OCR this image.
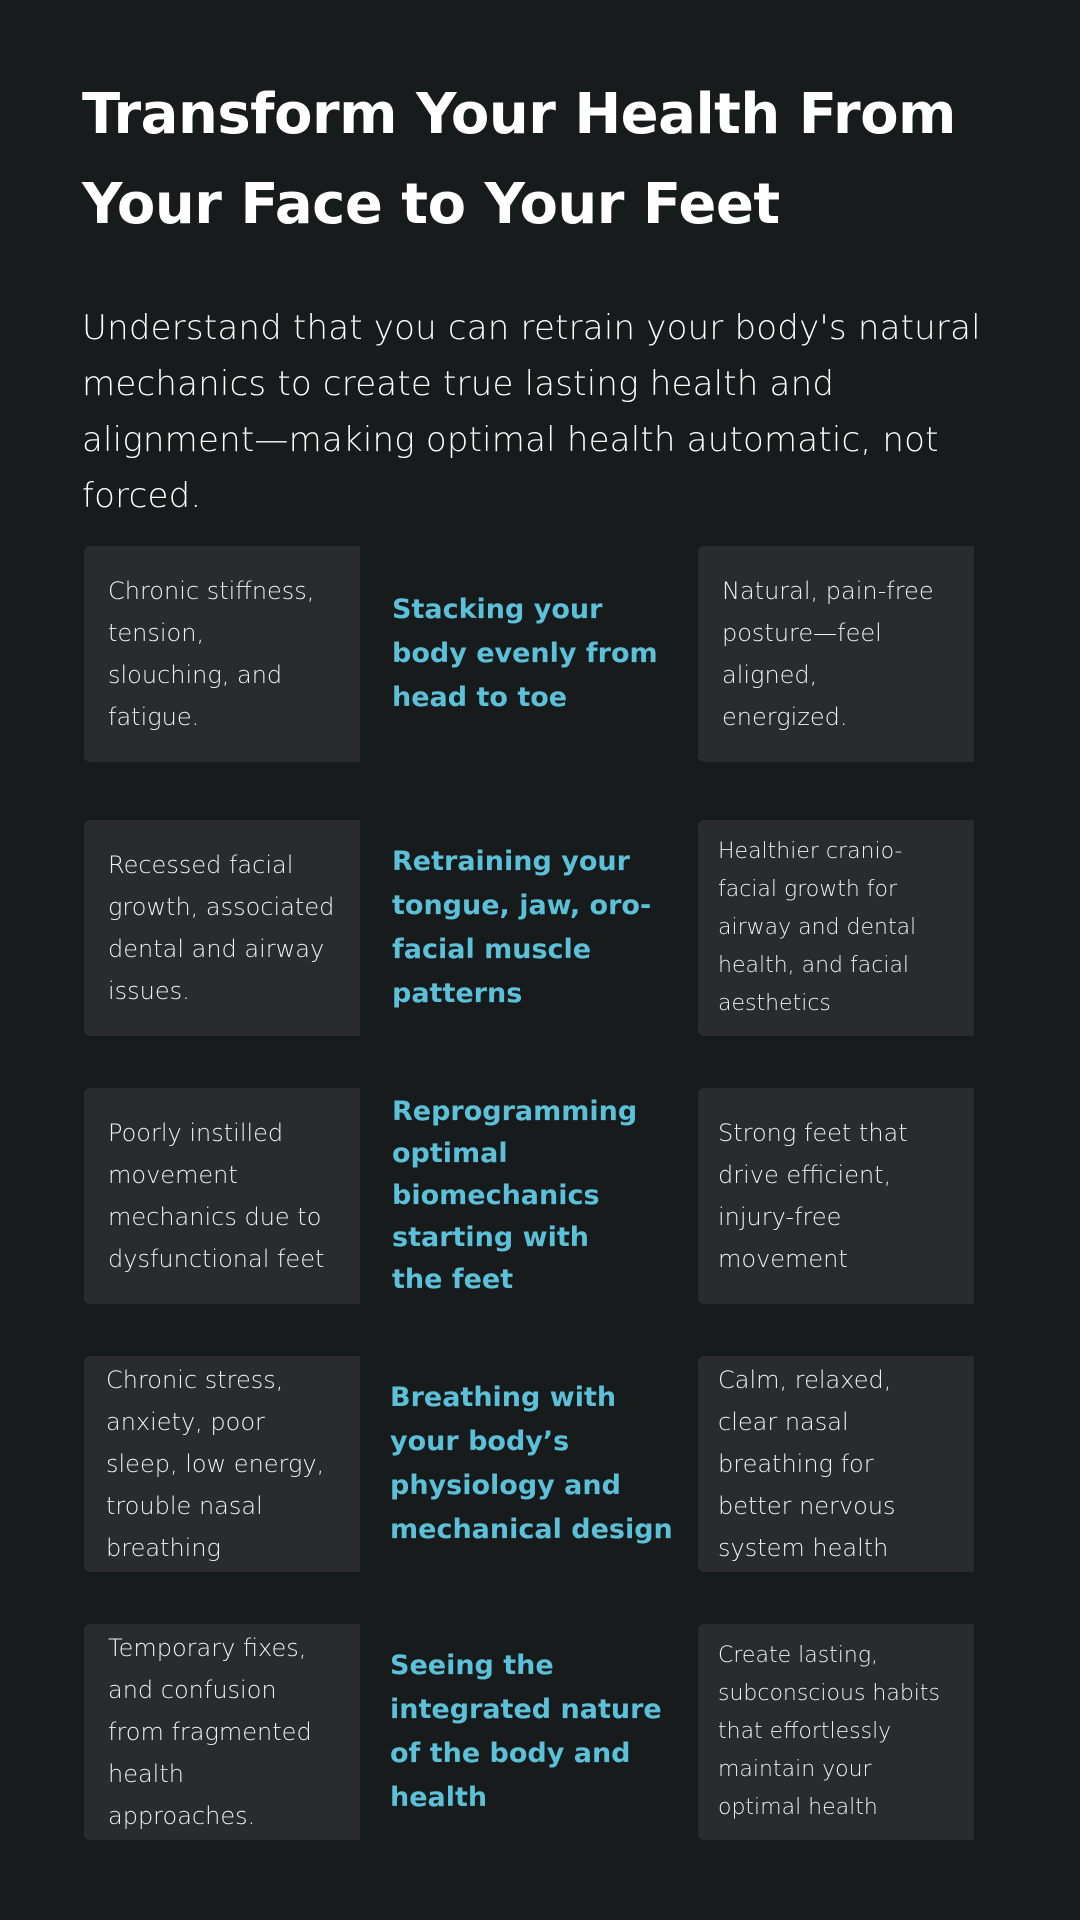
Transform Your Health From
Your Face to Your Feet

Understand that you can retrain your body's natural mechanics to create true lasting health and alignment—making optimal health automatic, not forced.

Chronic stiffness, tension, slouching, and fatigue.

Stacking your body evenly from head to toe

Natural, pain-free posture—feel aligned, energized.

Recessed facial growth, associated dental and airway issues.

Retraining your tongue, jaw, oro-facial muscle patterns

Healthier cranio-facial growth for airway and dental health, and facial aesthetics

Poorly instilled movement mechanics due to dysfunctional feet

Reprogramming optimal biomechanics starting with the feet

Strong feet that drive efficient, injury-free movement

Chronic stress, anxiety, poor sleep, low energy, trouble nasal breathing

Breathing with your body’s physiology and mechanical design

Calm, relaxed, clear nasal breathing for better nervous system health

Temporary fixes, and confusion from fragmented health approaches.

Seeing the integrated nature of the body and health

Create lasting, subconscious habits that effortlessly maintain your optimal health
